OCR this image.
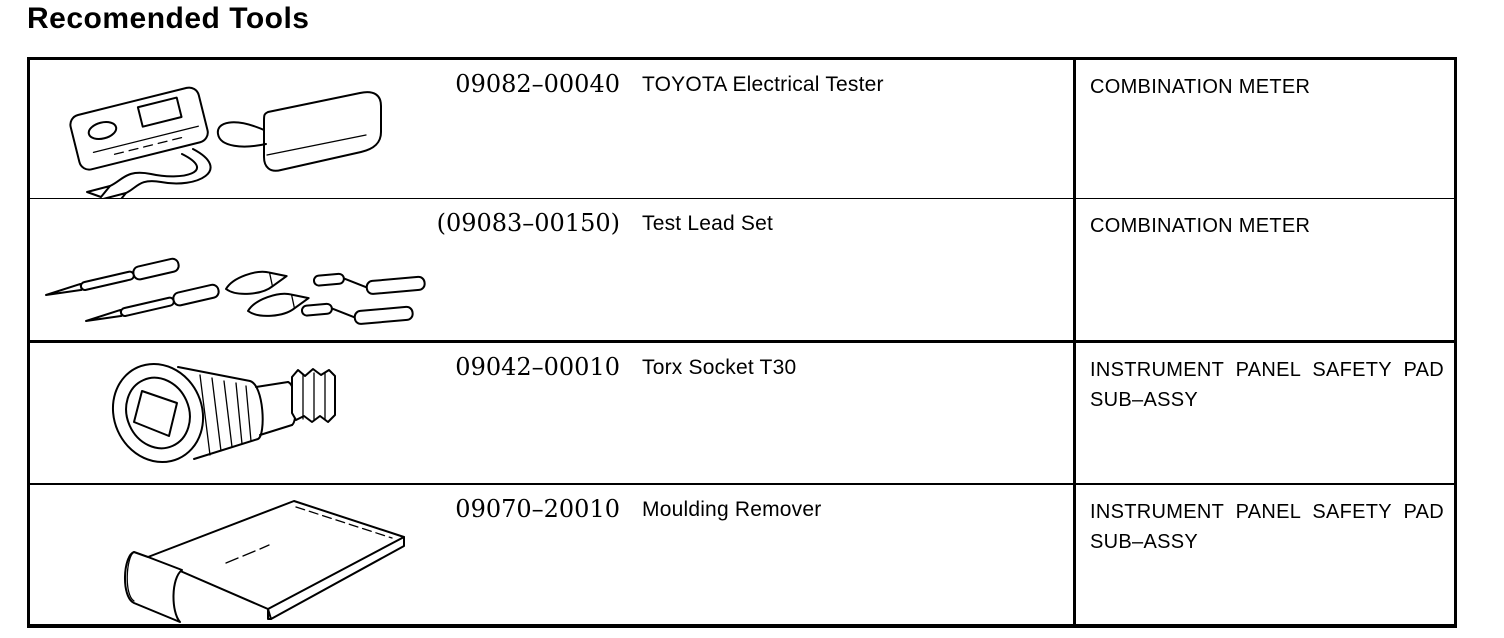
Recomended Tools
09082–00040	TOYOTA Electrical Tester	COMBINATION METER
(09083–00150)	Test Lead Set	COMBINATION METER
09042–00010	Torx Socket T30	INSTRUMENT PANEL SAFETY PAD SUB–ASSY
09070–20010	Moulding Remover	INSTRUMENT PANEL SAFETY PAD SUB–ASSY
